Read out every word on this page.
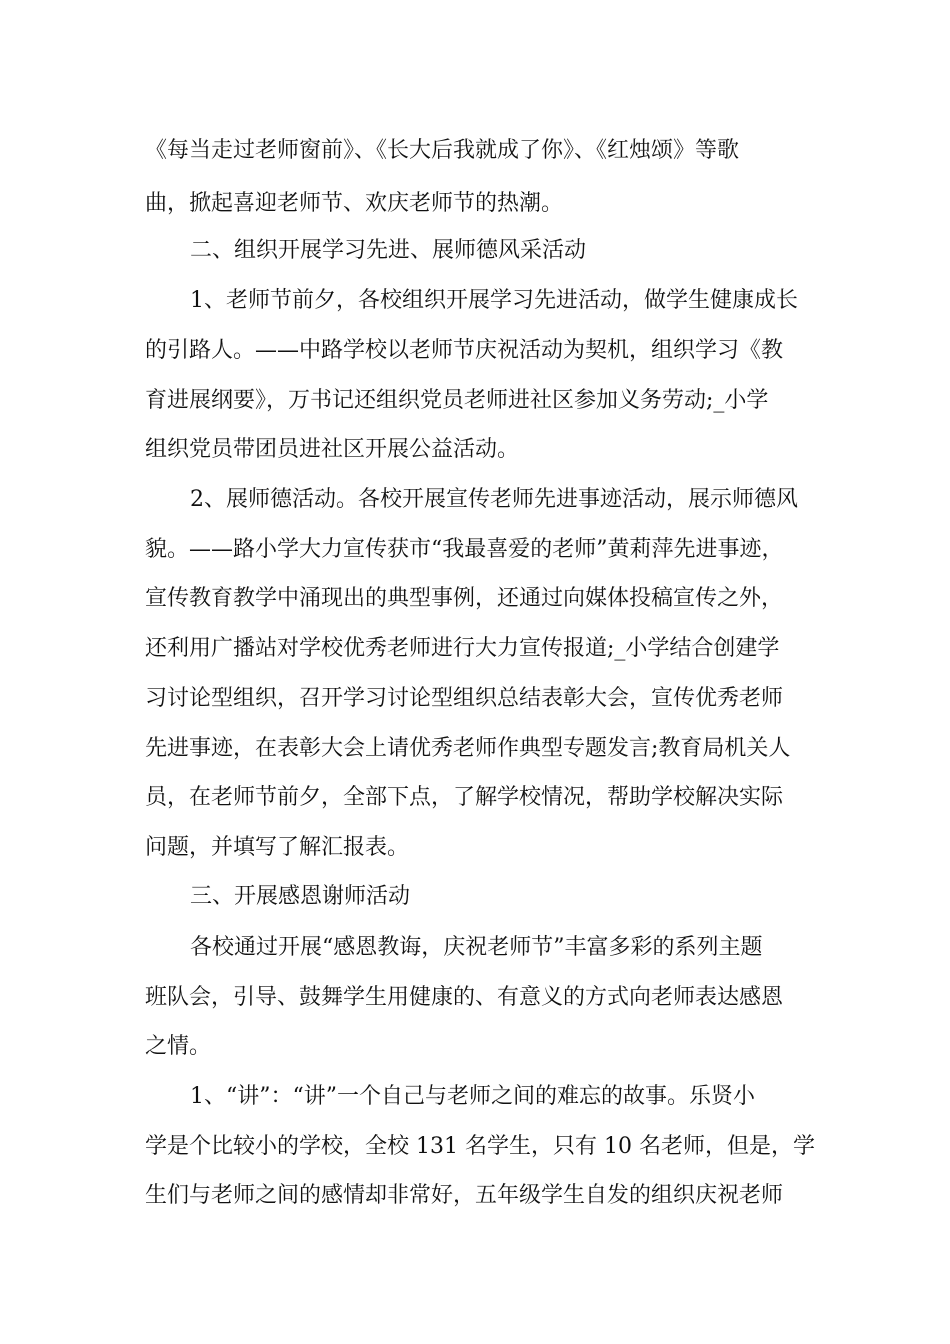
《每当走过老师窗前》、《长大后我就成了你》、《红烛颂》等歌

曲，掀起喜迎老师节、欢庆老师节的热潮。

二、组织开展学习先进、展师德风采活动

1、老师节前夕，各校组织开展学习先进活动，做学生健康成长

的引路人。——中路学校以老师节庆祝活动为契机，组织学习《教

育进展纲要》，万书记还组织党员老师进社区参加义务劳动;_小学

组织党员带团员进社区开展公益活动。

2、展师德活动。各校开展宣传老师先进事迹活动，展示师德风

貌。——路小学大力宣传获市“我最喜爱的老师”黄莉萍先进事迹，

宣传教育教学中涌现出的典型事例，还通过向媒体投稿宣传之外，

还利用广播站对学校优秀老师进行大力宣传报道;_小学结合创建学

习讨论型组织，召开学习讨论型组织总结表彰大会，宣传优秀老师

先进事迹，在表彰大会上请优秀老师作典型专题发言;教育局机关人

员，在老师节前夕，全部下点，了解学校情况，帮助学校解决实际

问题，并填写了解汇报表。

三、开展感恩谢师活动

各校通过开展“感恩教诲，庆祝老师节”丰富多彩的系列主题

班队会，引导、鼓舞学生用健康的、有意义的方式向老师表达感恩

之情。

1、“讲”：“讲”一个自己与老师之间的难忘的故事。乐贤小

学是个比较小的学校，全校 131 名学生，只有 10 名老师，但是，学

生们与老师之间的感情却非常好，五年级学生自发的组织庆祝老师
